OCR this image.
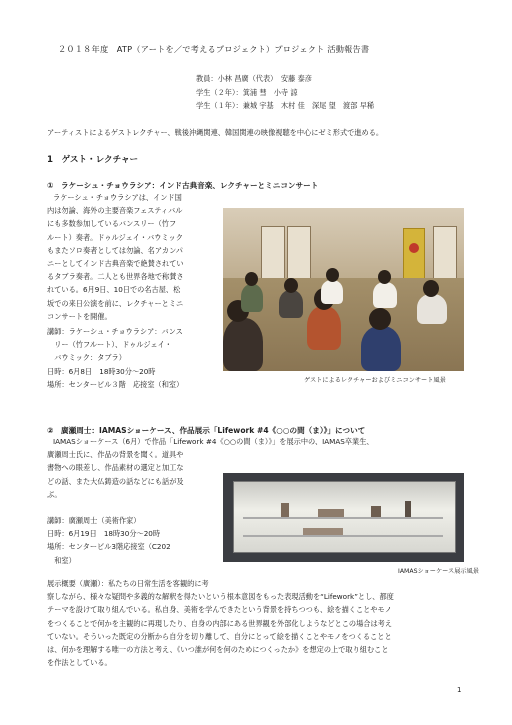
２０１８年度　ATP（アートを／で考えるプロジェクト）プロジェクト 活動報告書
教員：小林 昌廣（代表）　安藤 泰彦
学生（２年）：箕浦 彗　小寺 諒
学生（１年）：兼城 宇基　木村 佳　深尾 望　渡部 早稀
アーティストによるゲストレクチャー、戦後沖縄関連、韓国関連の映像視聴を中心にゼミ形式で進める。
1　ゲスト・レクチャー
①　ラケーシュ・チョウラシア：インド古典音楽、レクチャーとミニコンサート
ラケーシュ・チョウラシアは、インド国
内は勿論、海外の主要音楽フェスティバル
にも多数参加しているバンスリー（竹フ
ルート）奏者。ドゥルジェイ・バウミック
もまたソロ奏者としては勿論、名アカンパ
ニーとしてインド古典音楽で絶賛されてい
るタブラ奏者。二人とも世界各地で称賛さ
れている。6月9日、10日での名古屋、松
坂での来日公演を前に、レクチャーとミニ
コンサートを開催。
講師：ラケーシュ・チョウラシア：バンス
　リー（竹フルート）、ドゥルジェイ・
　バウミック：タブラ）
日時：6月8日　18時30分〜20時
場所：センタービル３階　応接室（和室）	ゲストによるレクチャーおよびミニコンサート風景
②　廣瀬周士：IAMASショーケース、作品展示「Lifework #4《○○の間（ま）》」について
IAMASショーケース（6月）で作品「Lifework #4《○○の間（ま）》」を展示中の、IAMAS卒業生、
廣瀬周士氏に、作品の背景を聞く。道具や
書物への眼差し、作品素材の選定と加工な
どの話、また大仏鋳造の話などにも話が及
ぶ。
講師：廣瀬周士（美術作家）
日時：6月19日　18時30分〜20時
場所：センタービル3階応接室（C202
　和室）
IAMASショーケース展示風景
展示概要（廣瀬）：私たちの日常生活を客観的に考
察しながら、様々な疑問や多義的な解釈を得たいという根本意図をもった表現活動を“Lifework”とし、都度
テーマを設けて取り組んでいる。私自身、美術を学んできたという背景を持ちつつも、絵を描くことやモノ
をつくることで何かを主観的に再現したり、自身の内部にある世界観を外部化しようなどとこの場合は考え
ていない。そういった既定の分断から自分を切り離して、自分にとって絵を描くことやモノをつくることと
は、何かを理解する唯一の方法と考え、《いつ誰が何を何のためにつくったか》を想定の上で取り組むこと
を作法としている。
1
